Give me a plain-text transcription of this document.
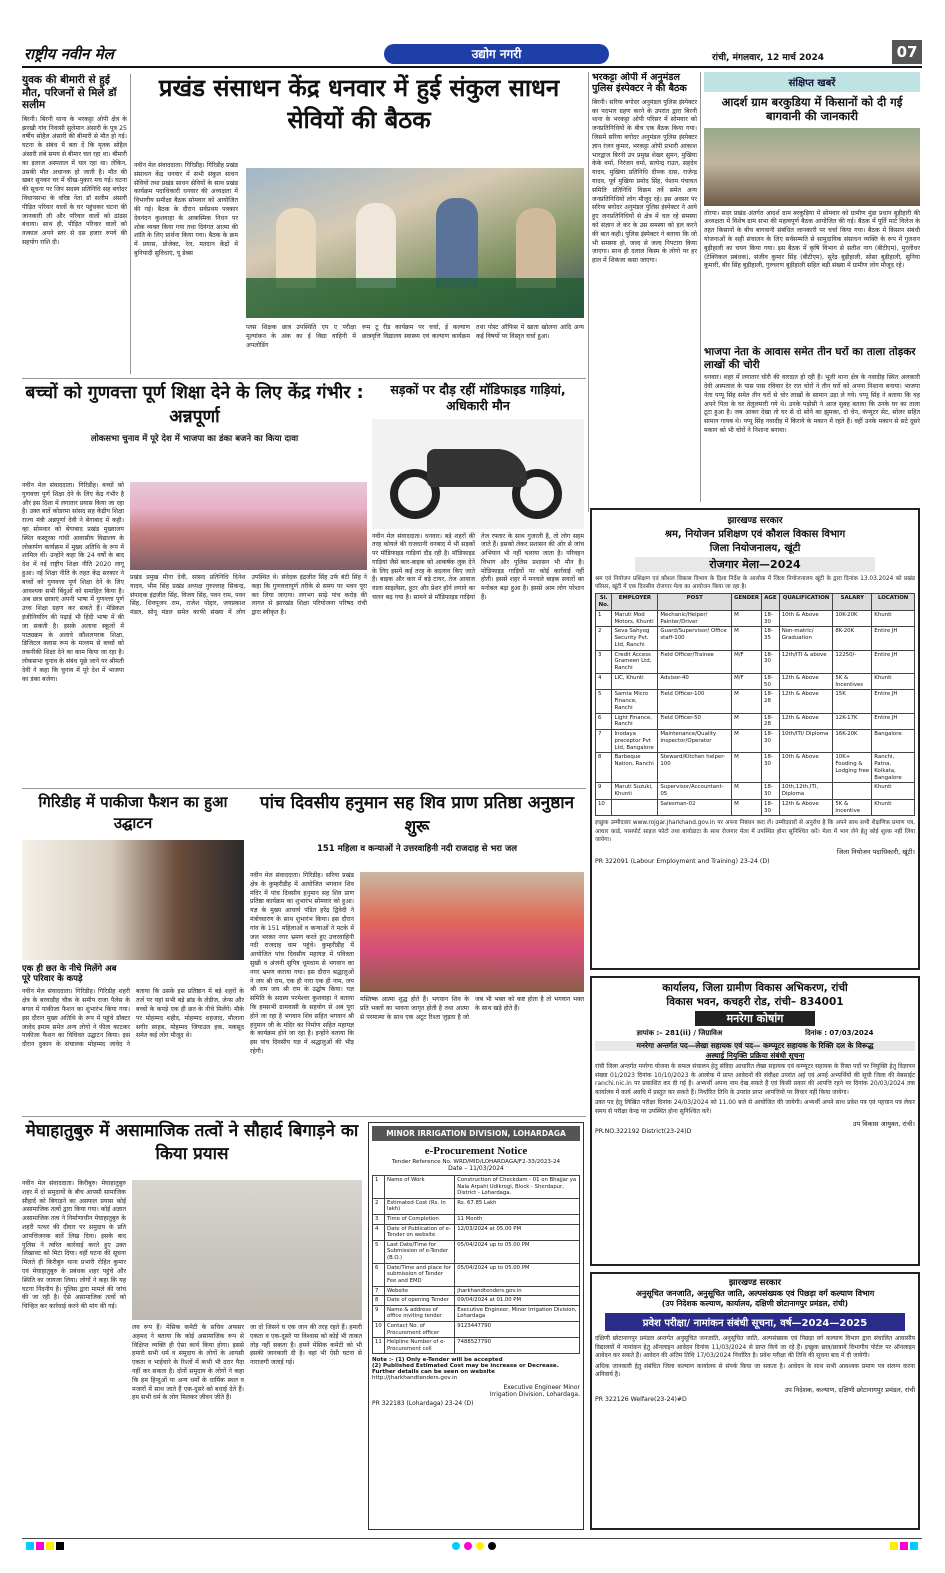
राष्ट्रीय नवीन मेल	उद्योग नगरी	रांची, मंगलवार, 12 मार्च 2024	07
युवक की बीमारी से हुई मौत, परिजनों से मिले डॉ सलीम
बिरनी। बिरनी थाना के भरकट्टा ओपी क्षेत्र के झरखी गांव निवासी सुलेमान अंसारी के पुत्र 25 वर्षीय सोहैल अंसारी की बीमारी से मौत हो गई। घटना के संबंध में बता दें कि मृतक सोहैल अंसारी लंबे समय से बीमार चल रहा था। बीमारी का इलाज अस्पताल में चल रहा था। लेकिन, उसकी मौत अचानक हो जाती है। मौत की खबर सुनकर घर में चीख-पुकार मच गई। घटना की सूचना पर जिप सदस्य प्रतिनिधि सह बगोदर विधानसभा के वरिष्ठ नेता डॉ सलीम अंसारी पीड़ित परिवार वालों के घर पहुंचकर घटना की जानकारी ली और परिवार वालों को ढांढस बंधाया। साथ ही, पीड़ित परिवार वालों को तत्काल अपने स्तर से दस हजार रुपये की सहयोग राशि दी।
प्रखंड संसाधन केंद्र धनवार में हुई संकुल साधन सेवियों की बैठक
नवीन मेल संवाददाता। गिरिडीह। गिरिडीह प्रखंड संसाधन केंद्र धनवार में सभी संकुल साधन सेवियों तथा प्रखंड साधन सेवियों के साथ प्रखंड कार्यक्रम पदाधिकारी धनवार की अध्यक्षता में विभागीय समीक्षा बैठक सोमवार को आयोजित की गई। बैठक के दौरान सर्वप्रथम पत्रकार देवनंदन कुशवाहा के आकस्मिक निधन पर शोक व्यक्त किया गया तथा दिवंगत आत्मा की शांति के लिए प्रार्थना किया गया। बैठक के क्रम में प्रयास, प्रोजेक्ट, रेल, मतदान केंद्रों में बुनियादी सुविधाएं, यू डेक्स
प्लस शिक्षक छात्र उपस्थिति एप ए परीक्षा मूल्यांकन के अंक का ई विद्या वाहिनी में अपलोडिंग
रूम टू रीड कार्यक्रम पर चर्चा, ई कल्याण छात्रवृत्ति विद्यालय स्वास्थ्य एवं कल्याण कार्यक्रम तथा पोस्ट ऑफिस में खाता खोलना आदि अन्य कई विषयों पर विस्तृत चर्चा हुआ।
भरकट्टा ओपी में अनुमंडल पुलिस इंस्पेक्टर ने की बैठक
बिरनी। सरिया बगोदर अनुमंडल पुलिस इंस्पेक्टर का पदभार ग्रहण करने के उपरांत द्वारा बिरनी थाना के भरकट्टा ओपी परिसर में सोमवार को जनप्रतिनिधियों के बीच एक बैठक किया गया। जिसमें सरिया बगोदर अनुमंडल पुलिस इंस्पेक्टर ज्ञान रंजन कुमार, भरकट्टा ओपी प्रभारी आकाश भारद्वाज बिरनी उप प्रमुख शेखर सुमन, मुखिया केके वर्मा, निरंजन वर्मा, सत्येन्द्र राउत, सहदेव यादव, मुखिया प्रतिनिधि दीपक दास, राजेन्द्र यादव, पूर्व मुखिया प्रमोद सिंह, पेशाम पंचायत समिति प्रतिनिधि विक्रम तर्वे समेत अन्य जनप्रतिनिधियों लोग मौजूद रहे। इस अवसर पर सरिया बगोदर अनुमंडल पुलिस इंस्पेक्टर ने आये हुए जनप्रतिनिधियों से क्षेत्र में चल रहे समस्या को संज्ञान ले कर के उस समस्या को हल करने की बात कही। पुलिस इंस्पेक्टर ने बताया कि जो भी समस्या हो, जल्द से जल्द निपटारा किया जाएगा। साथ ही दलाल किस्म के लोगो पर हर हाल में शिकंजा कसा जाएगा।
संक्षिप्त खबरें
आदर्श ग्राम बरकुडिया में किसानों को दी गई बागवानी की जानकारी
तोरपा। सदर प्रखंड अंतर्गत आदर्श ग्राम बरकुड़िया में सोमवार को ग्रामीण मुंडा प्रधान बुड़ीहारी की अध्यक्षता में विशेष ग्राम सभा की महत्वपूर्ण बैठक आयोजित की गई। बैठक में पूर्ति मार्ट विलेज के तहत किसानों के बीच बागवानी संबंधित जानकारी पर चर्चा किया गया। बैठक में किसान संबंधी योजनाओं के सही संचालन के लिए सर्वसम्मति से सामुदायिक संसाधन व्यक्ति के रूप में गुलशन बुड़ीहाली का चयन किया गया। इस बैठक में कृषि विभाग से सतीश नाग (बीटीएम), मुरलीधर (टेक्निकल प्रबंधक), संजीव कुमार सिंह (बीटीएम), सुरेंद्र बुड़ीहाली, सोसा बुड़ीहाली, सुनिया कुमारी, बीर सिंह बुड़ीहाली, गुरुचरण बुड़ीहाली सहित बड़ी संख्या में ग्रामीण लोग मौजूद रहे।
भाजपा नेता के आवास समेत तीन घरों का ताला तोड़कर लाखों की चोरी
धनवार। शहर में लगातार चोरी की वारदात हो रही है। भूली थाना क्षेत्र के नवादीह स्थित अलकारी देवी अस्पताल के पास पास रविवार देर रात चोरों ने तीन घरों को अपना निशाना बनाया। भाजपा नेता पप्पू सिंह समेत तीन घरों से चोर लाखों के सामान उड़ा ले गये। पप्पू सिंह ने बताया कि वह अपने पिता के घर तेलुलमारी गये थे। उनके पड़ोसी ने आज सुबह बताया कि उनके घर का ताला टूटा हुआ है। जब आकर देखा तो घर से दो सोने का झुमका, दो चेन, कंप्यूटर सेट, सोलर सहित सामान गायब थे। पप्पू सिंह नवादीह में किराये के मकान में रहते हैं। वहीं उनके मकान से सटे दूसरे मकान को भी चोरों ने निशाना बनाया।
बच्चों को गुणवत्ता पूर्ण शिक्षा देने के लिए केंद्र गंभीर : अन्नपूर्णा
लोकसभा चुनाव में पूरे देश में भाजपा का डंका बजने का किया दावा
नवीन मेल संवाददाता। गिरिडीह। बच्चों को गुणवत्ता पूर्ण शिक्षा देने के लिए केंद्र गंभीर है और इस दिशा में लगातार प्रयास किया जा रहा है। उक्त बातें कोडरमा सांसद सह केंद्रीय शिक्षा राज्य मंत्री अन्नपूर्णा देवी ने बेंगाबाद में कही। व्हा सोमवार को बेंगाबाद प्रखंड मुख्यालय स्थित कस्तूरबा गांधी आवासीय विद्यालय के लोकार्पण कार्यक्रम में मुख्य अतिथि के रूप में शामिल थीं। उन्होंने कहा कि 24 वर्षों के बाद देश में नई राष्ट्रीय शिक्षा नीति 2020 लागू हुआ। नई शिक्षा नीति के तहत केंद्र सरकार ने बच्चों को गुणवत्ता पूर्ण शिक्षा देने के लिए आवश्यक सभी बिंदुओं को समाहित किया है। अब छात्र छात्राएं अपनी भाषा में गुणवत्ता पूर्ण उच्च शिक्षा ग्रहण कर सकते हैं। मेडिकल इंजीनियरिंग की पढ़ाई भी हिंदी भाषा में की जा सकती है। इसके अलावा स्कूलों में पाठ्यक्रम के अलावे कौशलपरक शिक्षा, डिजिटल क्लास रूम के माध्यम से बच्चों को तकनीकी शिक्षा देने का काम किया जा रहा है। लोकसभा चुनाव के संबंध पूछे जाने पर श्रीमती देवी ने कहा कि चुनाव में पूरे देश में भाजपा का डंका बजेगा।
प्रखंड प्रमुख मीना देवी, सांसद प्रतिनिधि दिनेश यादव, भीम सिंह प्रखंड अध्यक्ष नुरुल्लाह सिकन्द्र, संपादक इंद्रजीत सिंह, विजय सिंह, पवन राम, पवन सिंह, शिवपूजन राम, राजेश पोद्दार, जयप्रकाश मंडल, सोनू मंडल समेत काफी संख्या में लोग उपस्थित थे। संवेदक इंद्रजीत सिंह उर्फ बंटी सिंह ने कहा कि गुणवत्तापूर्ण तरीके से समय पर भवन पूरा कर लिया जाएगा। लगभग साढ़े पांच करोड़ की लागत से झारखंड शिक्षा परियोजना परिषद रांची द्वारा स्वीकृत है।
सड़कों पर दौड़ रहीं मॉडिफाइड गाड़ियां, अधिकारी मौन
नवीन मेल संवाददाता। धनवार। बड़े शहरों की तरह कोयले की राजधानी धनबाद में भी सड़कों पर मॉडिफाइड गाड़ियां दौड़ रही है। मॉडिफाइड गाड़ियां जैसे कार-बाइक को आकर्षक लुक देने के लिए इसमें कई तरह के बदलाव किए जाते हैं। बाइक और कार में बड़े टायर, तेज आवाज वाला साइलेंसर, हूटर और प्रेशर हॉर्न लगाने का चलन बढ़ गया है। सामने से मॉडिफाइड गाड़ियां तेज रफ्तार के साथ गुजरती है, तो लोग सहम जाते हैं। इसको लेकर प्रशासन की ओर से जांच अभियान भी नहीं चलाया जाता है। परिवहन विभाग और पुलिस प्रशासन भी मौन है। मोडिफाइड गाड़ियों पर कोई कार्रवाई नहीं होती। इससे शहर में मनचले बाइक सवारों का मनोबल बढ़ा हुआ है। इससे आम लोग परेशान हैं।
गिरिडीह में पाकीजा फैशन का हुआ उद्घाटन
एक ही छत के नीचे मिलेंगे अब पूरे परिवार के कपड़े
नवीन मेल संवाददाता। गिरिडीह। गिरिडीह शहरी क्षेत्र के बरवाडीह चौक के समीप राजा पैलेस के बगल में पाकीजा फैशन का शुभारंभ किया गया। इस दौरान मुख्य अतिथि के रूप में पहुंचे डॉक्टर जावेद इमाम समेत अन्य लोगो ने फीता काटकर पाकीजा फैशन का विधिवत उद्घाटन किया। इस दौरान दुकान के संचालक मोहम्मद जावेद ने बताया कि उसके इस प्रतिष्ठान में बड़े शहरों के तर्ज पर यहां सभी बड़े ब्रांड के लेडीज, जेन्स और बच्चों के कपड़े एक ही छत के नीचे मिलेंगे। मौके पर मोहम्मद शहीद, मोहम्मद शहजाद, मौलाना सगीर साहब, मोहम्मद जियाउल हक, मकसूद समेत कई लोग मौजूद थे।
पांच दिवसीय हनुमान सह शिव प्राण प्रतिष्ठा अनुष्ठान शुरू
151 महिला व कन्याओं ने उत्तरवाहिनी नदी राजदाह से भरा जल
नवीन मेल संवाददाता। गिरिडीह। सरिया प्रखंड क्षेत्र के कुम्हरीडीह में आयोजित भगवान शिव मंदिर में पांच दिवसीय हनुमान सह शिव प्राण प्रतिष्ठा कार्यक्रम का शुभारंभ सोमवार को हुआ। यज्ञ के मुख्य आचार्य पंडित हरेंद्र द्विवेदी ने मंत्रोच्चारण के साथ शुभारंभ किया। इस दौरान गांव के 151 महिलाओं व कन्याओं ने मटके में जल भरकर नगर भ्रमण करते हुए उत्तरवाहिनी नदी राजदाह धाम पहुंचे। कुम्हरीडीह में आयोजित पांच दिवसीय महायज्ञ में पवित्रता सुखी व अंजनी सुपित्र धूमधाम से भगवान का नगर भ्रमण कराया गया। इस दौरान श्रद्धालुओं ने जय श्री राम, एक ही नारा एक ही नाम, जय श्री राम जय श्री राम के उद्घोष किया। यज्ञ समिति के सदस्य परमेश्वर कुशवाहा ने बताया कि हमसभी ग्रामवासी के सहयोग से अब पूरा होने जा रहा है भगवान शिव सहित भगवान श्री हनुमान जी के मंदिर का निर्माण सहित महायज्ञ के कार्यक्रम होने जा रहा है। इन्होंने बताया कि इस पांच दिवसीय यज्ञ में श्रद्धालुओं की भीड़ रहेगी।
मस्तिष्क आत्मा शुद्ध होते हैं। भगवान शिव के प्रति भक्तों का भावना जागृत होती है तथा आत्मा से परमात्मा के साथ एक अटूट रिश्ता जुड़ता है जो जब भी भक्त को कष्ट होता है तो भगवान भक्त के साथ खड़े होते हैं।
मेघाहातुबुरु में असामाजिक तत्वों ने सौहार्द बिगाड़ने का किया प्रयास
नवीन मेल संवाददाता। किरीबुरु। मेघाहातुबुरु शहर में दो समुदायों के बीच आपसी सामाजिक सौहार्द को बिगाड़ने का असफल प्रयास कोई असामाजिक तत्वों द्वारा किया गया। कोई अज्ञात असामाजिक तत्व ने निर्माणाधीन मेघाहातुबुरु के शहरी पत्थर की दीवार पर समुदाय के प्रति आपत्तिजनक बातें लिख दिया। इसके बाद पुलिस ने त्वरित कार्रवाई करते हुए उक्त लिखावट को मिटा दिया। वहीं घटना की सूचना मिलते ही किरीबुरु थाना प्रभारी रोहित कुमार एवं मेघाहातुबुरु के प्रबंधक शहर पहुंचे और स्थिति का जायजा लिया। लोगों ने कहा कि यह घटना निंदनीय है। पुलिस द्वारा मामले की जांच की जा रही है। ऐसे असामाजिक तत्वों को चिन्हित कर कार्रवाई करने की मांग की गई।
लव रूप हैं। मेसिक कमेटी के सचिव अफसर अहमद ने बताया कि कोई असामाजिक रूप से विक्षिप्त व्यक्ति ही ऐसा कार्य किया होगा। इससे हमारी सभी धर्म व समुदाय के लोगों के आपसी एकता व भाईचारे के रिश्तों में कभी भी दरार पैदा नहीं कर सकता है। दोनों समुदाय के लोगों ने कहा कि हम हिन्दुओं या अन्य धर्मों के धार्मिक स्थल व मजारों में साथ जाते हैं एक-दूसरे को बधाई देते हैं। हम सभी धर्म के लोग मिलकर जीवन जीते हैं।
जा दो जिसने घ एक जान की तरह रहते हैं। हमारी एकता व एक-दूसरे पर विश्वास को कोई भी ताकत तोड़ नहीं सकता है। हमने मेसिक कमेटी को भी इसकी जानकारी दी है। वहां भी ऐसी घटना से नाराजगी जताई गई।
MINOR IRRIGATION DIVISION, LOHARDAGA
e-Procurement Notice
Tender Reference No. WRD/MID/LOHARDAGA/F2-33/2023-24
Date – 11/03/2024
1	Name of Work	Construction of Checkdam - 01 on Bhajjar ya Nala Arpahi Udikrogi, Block - Sherdapur, District - Lohardaga.
2	Estimated Cost (Rs. In lakh)	Rs. 67.85 Lakh
3	Time of Completion	11 Month
4	Date of Publication of e-Tender on website	12/03/2024 at 05.00 PM
5	Last Date/Time for Submission of e-Tender (B.O.)	05/04/2024 up to 05.00 PM
6	Date/Time and place for submission of Tender Fee and EMD	05/04/2024 up to 05.00 PM
7	Website	jharkhandtenders.gov.in
8	Date of opening Tender	09/04/2024 at 01.00 PM
9	Name & address of office inviting tender	Executive Engineer, Minor Irrigation Division, Lohardaga
10	Contact No. of Procurement officer	9123447790
11	Helpline Number of e-Procurement cell	7488527790
Note :- (1) Only e-Tender will be accepted
(2) Published Estimated Cost may be increase or Decrease. Further details can be seen on website
http://jharkhandtenders.gov.in
Executive Engineer Minor Irrigation Division, Lohardaga.
PR 322183 (Lohardaga) 23-24 (D)
झारखण्ड सरकार
श्रम, नियोजन प्रशिक्षण एवं कौशल विकास विभाग
जिला नियोजनालय, खूंटी
रोजगार मेला—2024
श्रम एवं नियोजन प्रशिक्षण एवं कौशल विकास विभाग के दिशा निर्देश के आलोक में जिला नियोजनालय खूंटी के द्वारा दिनांक 13.03.2024 को प्रखंड परिसर, खूंटी में एक दिवसीय रोजगार मेला का आयोजन किया जा रहा है।
Sl. No.	EMPLOYER	POST	GENDER	AGE	QUALIFICATION	SALARY	LOCATION
1	Maruti Mod Motors, Khunti	Mechanic/Helper/ Painter/Driver	M	18-30	10th & Above	10K-20K	Khunti
2	Seva Sahyog Security Pvt. Ltd, Ranchi	Guard/Supervisor/ Office staff-100	M	18-35	Non-matric/ Graduation	8K-20K	Entire JH
3	Credit Access Grameen Ltd, Ranchi	Field Officer/Trainee	M/F	18-30	12th/ITI & above	12250/-	Entire JH
4	LIC, Khunti	Advisor-40	M/F	18-50	12th & Above	5K & Incentives	Khunti
5	Samta Micro Finance, Ranchi	Field Officer-100	M	18-28	12th & Above	15K	Entire JH
6	Light Finance, Ranchi	Field Officer-50	M	18-28	12th & Above	12K-17K	Entire JH
7	Inodaya preceptor Pvt Ltd, Bangalore	Maintenance/Quality Inspector/Operator	M	18-30	10th/ITI/ Diploma	16K-20K	Bangalore
8	Barbeque Nation, Ranchi	Steward/Kitchen helper-100	M	18-30	10th & Above	10K+ Fooding & Lodging free	Ranchi, Patna, Kolkata, Bangalore
9	Maruti Suzuki, Khunti	Supervisor/Accountant-05	M	18-30	10th,12th,ITI, Diploma		Khunti
10		Salesman-02	M	18-30	12th & Above	5K & incentive	Khunti
इच्छुक उम्मीदवार www.rojgar.jharkhand.gov.in पर अपना निबंधन करा लें। उम्मीदवारों से अनुरोध है कि अपने साथ सभी शैक्षणिक प्रमाण पत्र, आधार कार्ड, पासपोर्ट साइज फोटो तथा बायोडाटा के साथ रोजगार मेला में उपस्थित होना सुनिश्चित करें। मेला में भाग लेने हेतु कोई शुल्क नहीं लिया जायेगा।
जिला नियोजन पदाधिकारी, खूंटी।
PR 322091 (Labour Employment and Training) 23-24 (D)
कार्यालय, जिला ग्रामीण विकास अभिकरण, रांची
विकास भवन, कचहरी रोड, रांची– 834001
मनरेगा कोषांग
ज्ञापांक :– 281(ii) / जिग्राविअ	दिनांक : 07/03/2024
मनरेगा अन्तर्गत पद—लेखा सहायक एवं पद— कम्प्यूटर सहायक के रिक्ति दल के विरूद्ध
अस्थाई नियुक्ति प्रक्रिया संबंधी सूचना
रांची जिला अन्तर्गत मनरेगा योजना के सफल संचालन हेतु संविदा आधारित लेखा सहायक एवं कम्प्यूटर सहायक के रिक्त पदों पर नियुक्ति हेतु विज्ञापन संख्या 01/2023 दिनांक 10/10/2023 के आलोक में प्राप्त आवेदनों की संवीक्षा उपरांत अर्ह एवं अनर्ह अभ्यर्थियों की सूची जिला की वेबसाईट ranchi.nic.in पर प्रकाशित कर दी गई है। अभ्यर्थी अपना नाम देख सकते हैं एवं किसी प्रकार की आपत्ति रहने पर दिनांक 20/03/2024 तक कार्यालय में कार्य अवधि में प्रस्तुत कर सकते हैं। निर्धारित तिथि के उपरांत प्राप्त आपत्तियों पर विचार नहीं किया जायेगा।
उक्त पद हेतु लिखित परीक्षा दिनांक 24/03/2024 को 11.00 बजे से आयोजित की जायेगी। अभ्यर्थी अपने साथ प्रवेश पत्र एवं पहचान पत्र लेकर समय से परीक्षा केन्द्र पर उपस्थित होना सुनिश्चित करें।
उप विकास आयुक्त, रांची।
PR.NO.322192 District(23-24)D
झारखण्ड सरकार
अनुसूचित जनजाति, अनुसूचित जाति, अल्पसंख्यक एवं पिछड़ा वर्ग कल्याण विभाग
(उप निदेशक कल्याण, कार्यालय, दक्षिणी छोटानागपुर प्रमंडल, रांची)
प्रवेश परीक्षा/ नामांकन संबंधी सूचना, वर्ष—2024—2025
दक्षिणी छोटानागपुर प्रमंडल अन्तर्गत अनुसूचित जनजाति, अनुसूचित जाति, अल्पसंख्यक एवं पिछड़ा वर्ग कल्याण विभाग द्वारा संचालित आवासीय विद्यालयों में नामांकन हेतु ऑनलाइन आवेदन दिनांक 11/03/2024 से प्राप्त किये जा रहे हैं। इच्छुक छात्र/छात्रायें विभागीय पोर्टल पर ऑनलाइन आवेदन कर सकते हैं। आवेदन की अंतिम तिथि 17/03/2024 निर्धारित है। प्रवेश परीक्षा की तिथि की सूचना बाद में दी जायेगी।
अधिक जानकारी हेतु संबंधित जिला कल्याण कार्यालय से संपर्क किया जा सकता है। आवेदन के साथ सभी आवश्यक प्रमाण पत्र संलग्न करना अनिवार्य है।
उप निदेशक, कल्याण, दक्षिणी छोटानागपुर प्रमंडल, रांची
PR 322126 Welfare(23-24)#D
